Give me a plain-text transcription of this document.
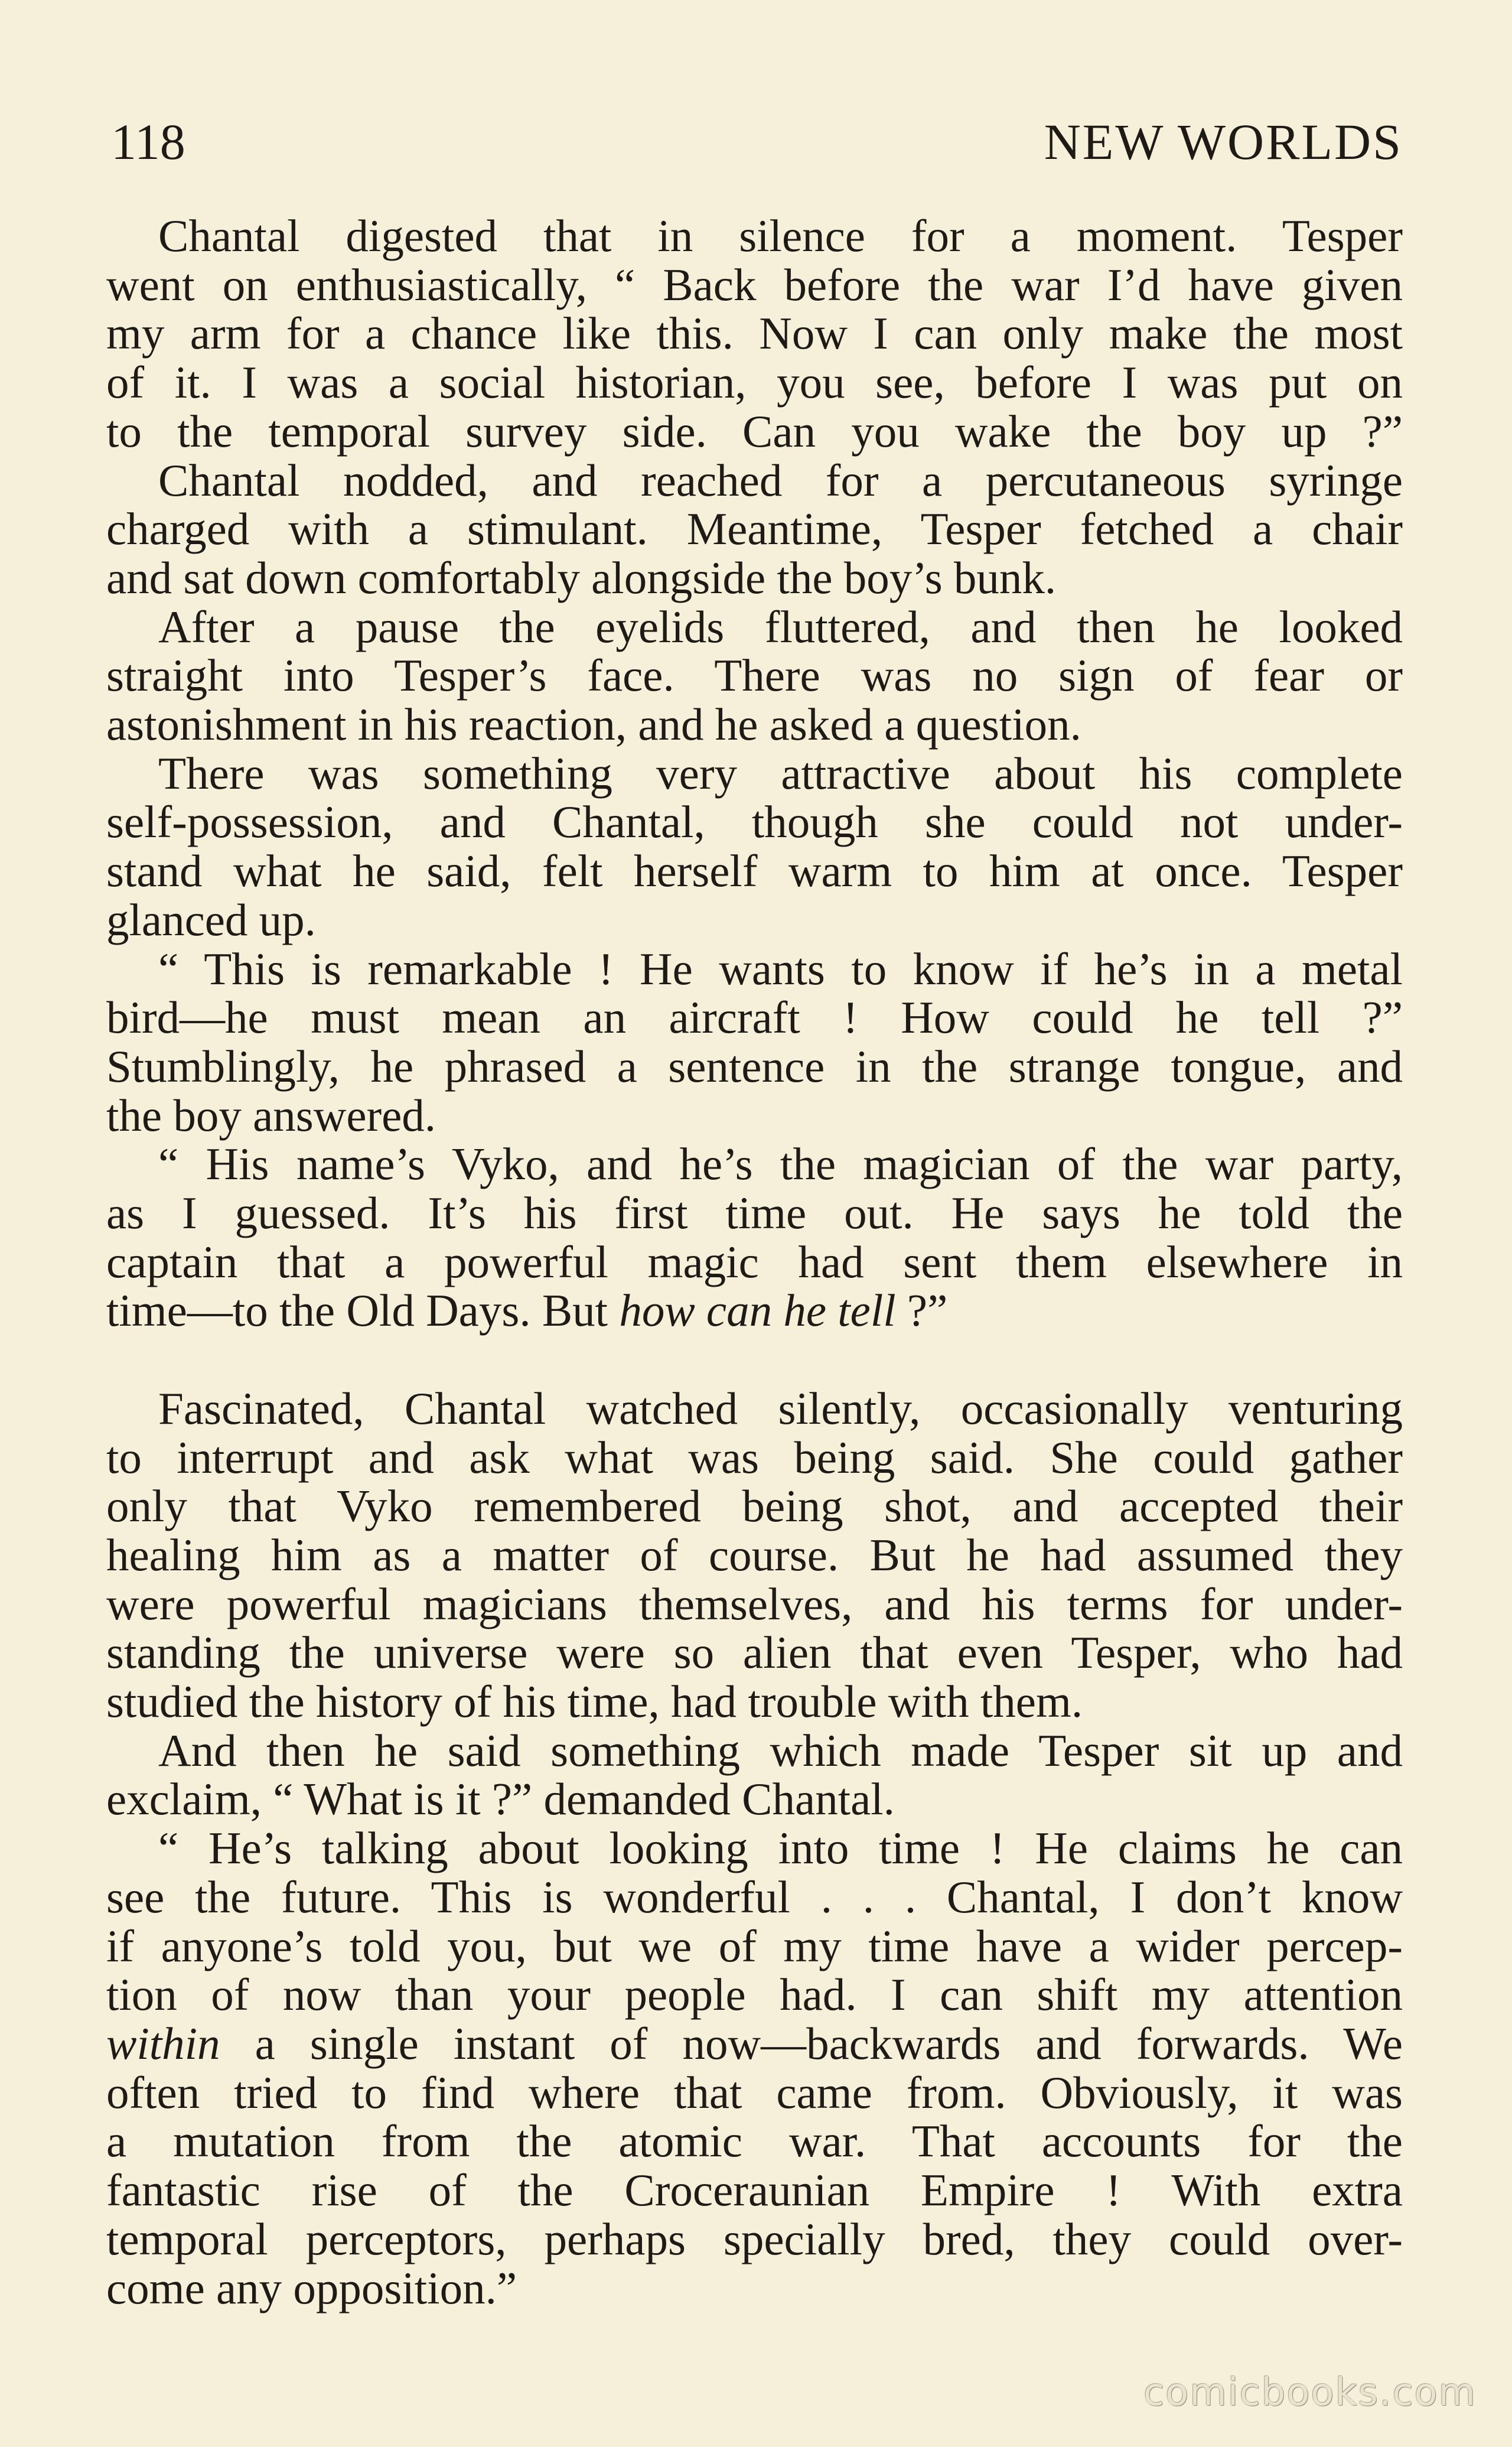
118	NEW WORLDS
Chantal digested that in silence for a moment. Tesper
went on enthusiastically, “ Back before the war I’d have given
my arm for a chance like this. Now I can only make the most
of it. I was a social historian, you see, before I was put on
to the temporal survey side. Can you wake the boy up ?”
Chantal nodded, and reached for a percutaneous syringe
charged with a stimulant. Meantime, Tesper fetched a chair
and sat down comfortably alongside the boy’s bunk.
After a pause the eyelids fluttered, and then he looked
straight into Tesper’s face. There was no sign of fear or
astonishment in his reaction, and he asked a question.
There was something very attractive about his complete
self-possession, and Chantal, though she could not under-
stand what he said, felt herself warm to him at once. Tesper
glanced up.
“ This is remarkable ! He wants to know if he’s in a metal
bird—he must mean an aircraft ! How could he tell ?”
Stumblingly, he phrased a sentence in the strange tongue, and
the boy answered.
“ His name’s Vyko, and he’s the magician of the war party,
as I guessed. It’s his first time out. He says he told the
captain that a powerful magic had sent them elsewhere in
time—to the Old Days. But how can he tell ?”
Fascinated, Chantal watched silently, occasionally venturing
to interrupt and ask what was being said. She could gather
only that Vyko remembered being shot, and accepted their
healing him as a matter of course. But he had assumed they
were powerful magicians themselves, and his terms for under-
standing the universe were so alien that even Tesper, who had
studied the history of his time, had trouble with them.
And then he said something which made Tesper sit up and
exclaim, “ What is it ?” demanded Chantal.
“ He’s talking about looking into time ! He claims he can
see the future. This is wonderful . . . Chantal, I don’t know
if anyone’s told you, but we of my time have a wider percep-
tion of now than your people had. I can shift my attention
within a single instant of now—backwards and forwards. We
often tried to find where that came from. Obviously, it was
a mutation from the atomic war. That accounts for the
fantastic rise of the Croceraunian Empire ! With extra
temporal perceptors, perhaps specially bred, they could over-
come any opposition.”
comicbooks.com
